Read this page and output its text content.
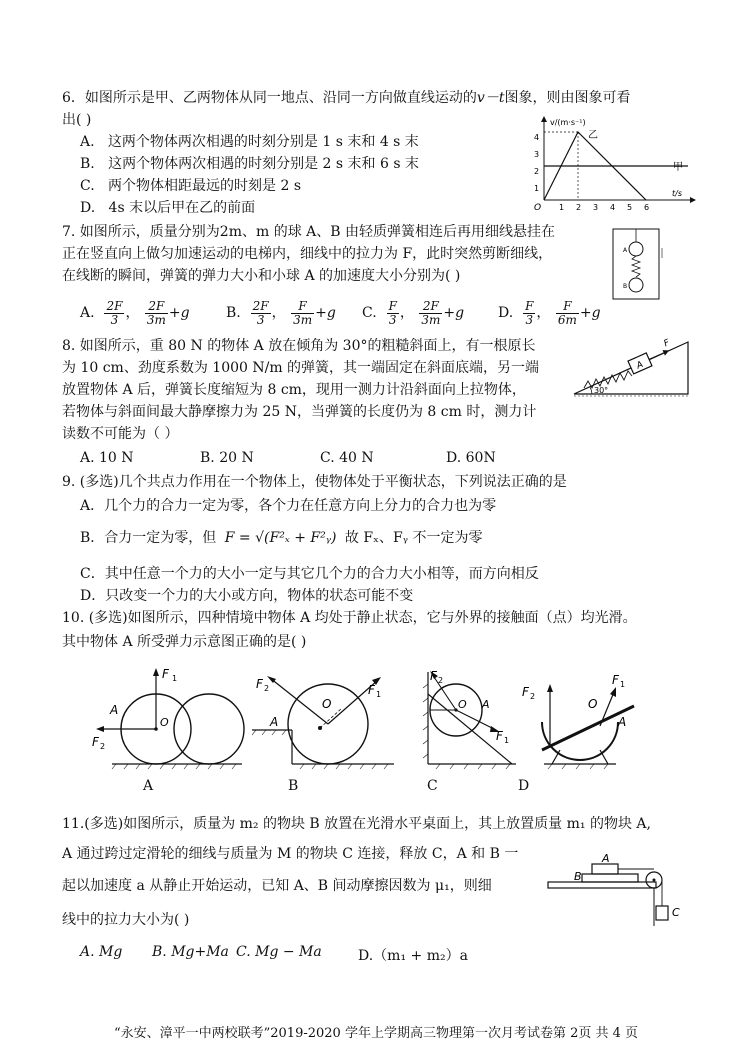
6．如图所示是甲、乙两物体从同一地点、沿同一方向做直线运动的v－t图象，则由图象可看
出( )
A. 这两个物体两次相遇的时刻分别是 1 s 末和 4 s 末
B. 这两个物体两次相遇的时刻分别是 2 s 末和 6 s 末
C. 两个物体相距最远的时刻是 2 s
D. 4s 末以后甲在乙的前面
v/(m·s⁻¹)
t/s
4
3
2
1
O 1 2 3 4 5 6
乙
甲
7. 如图所示，质量分别为2m、m 的球 A、B 由轻质弹簧相连后再用细线悬挂在
正在竖直向上做匀加速运动的电梯内，细线中的拉力为 F，此时突然剪断细线，
在线断的瞬间，弹簧的弹力大小和小球 A 的加速度大小分别为( )
A. $\frac{2F}{3}$ ， $\frac{2F}{3m} +g$	B. $\frac{2F}{3}$ ， $\frac{F}{3m} +g$ C. $\frac{F}{3}$ ， $\frac{2F}{3m} +g$ D. $\frac{F}{3}$ ， $\frac{F}{6m} +g$
A
B
8. 如图所示，重 80 N 的物体 A 放在倾角为 30°的粗糙斜面上，有一根原长
为 10 cm、劲度系数为 1000 N/m 的弹簧，其一端固定在斜面底端，另一端
放置物体 A 后，弹簧长度缩短为 8 cm，现用一测力计沿斜面向上拉物体，
若物体与斜面间最大静摩擦力为 25 N，当弹簧的长度仍为 8 cm 时，测力计
读数不可能为（ ）
A. 10 N	B. 20 N	C. 40 N	D. 60N
A
F
30°
9. (多选)几个共点力作用在一个物体上，使物体处于平衡状态，下列说法正确的是
A．几个力的合力一定为零，各个力在任意方向上分力的合力也为零
B．合力一定为零，但 F = √(F²ₓ + F²ᵧ) 故 Fₓ、Fᵧ 不一定为零
C．其中任意一个力的大小一定与其它几个力的合力大小相等，而方向相反
D．只改变一个力的大小或方向，物体的状态可能不变
10. (多选)如图所示，四种情境中物体 A 均处于静止状态，它与外界的接触面（点）均光滑。
其中物体 A 所受弹力示意图正确的是( )
F 1
F 2
O
A
A
F 2	F 1
O
A
B
F 2
F 1
O A
C
F 2
F 1
O
A
D
11.(多选)如图所示，质量为 m₂ 的物块 B 放置在光滑水平桌面上，其上放置质量 m₁ 的物块 A,
A 通过跨过定滑轮的细线与质量为 M 的物块 C 连接，释放 C，A 和 B 一
起以加速度 a 从静止开始运动，已知 A、B 间动摩擦因数为 μ₁，则细
线中的拉力大小为( )
A. Mg B. Mg+Ma C. Mg − Ma	D.（m₁ + m₂）a
A
B
C
“永安、漳平一中两校联考”2019-2020 学年上学期高三物理第一次月考试卷第 2页 共 4 页
